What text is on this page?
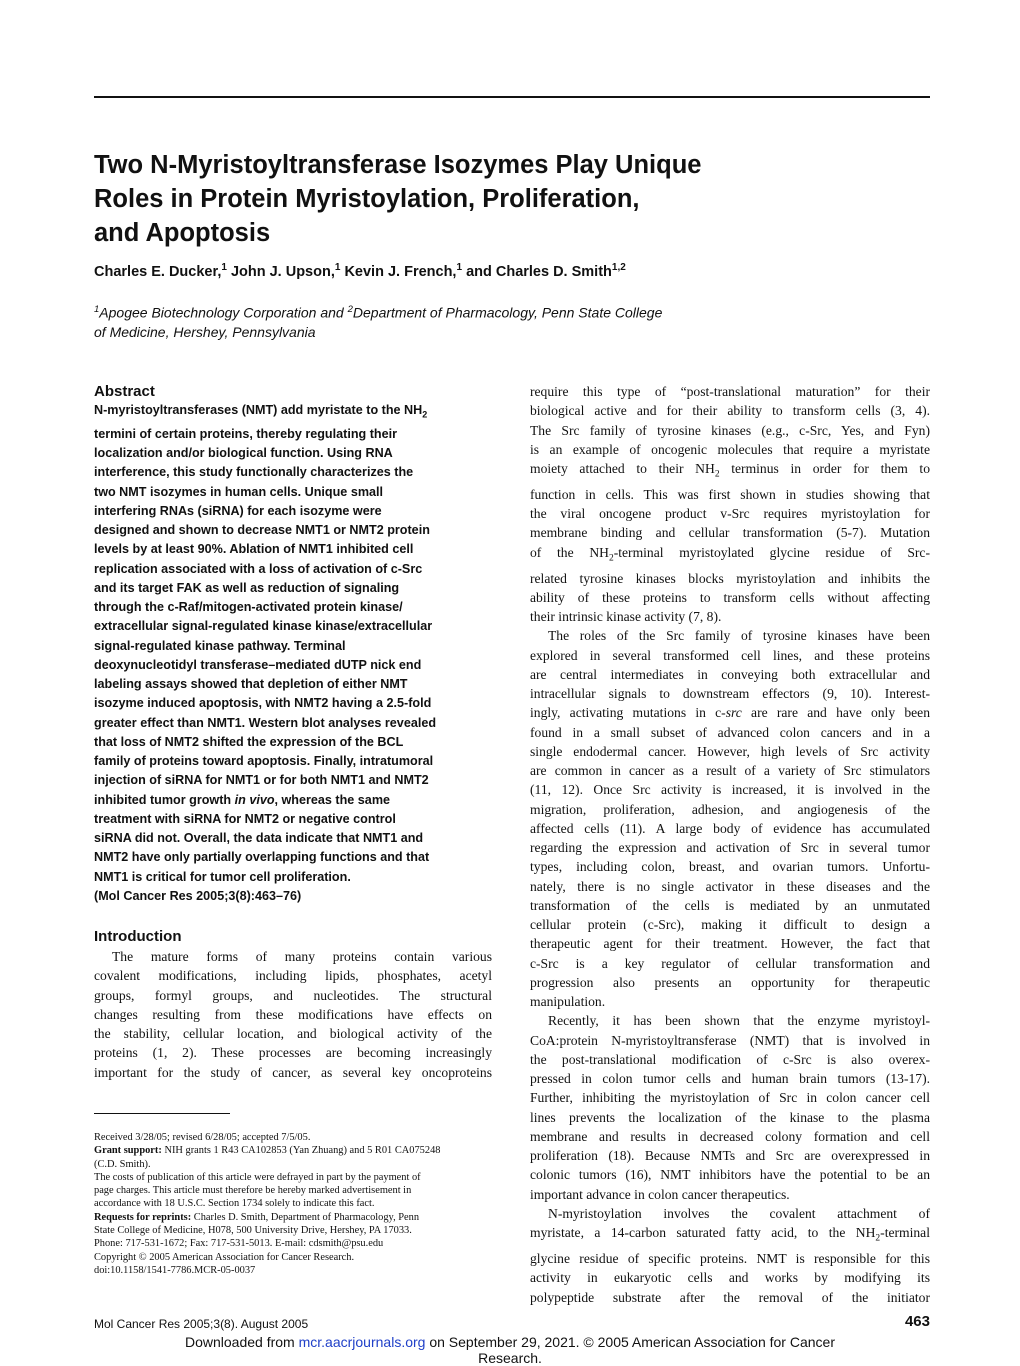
Two N-Myristoyltransferase Isozymes Play Unique
Roles in Protein Myristoylation, Proliferation,
and Apoptosis
Charles E. Ducker,$^1$ John J. Upson,$^1$ Kevin J. French,$^1$ and Charles D. Smith$^{1,2}$
$^1$Apogee Biotechnology Corporation and $^2$Department of Pharmacology, Penn State College
of Medicine, Hershey, Pennsylvania
Abstract
N-myristoyltransferases (NMT) add myristate to the $NH_2$
termini of certain proteins, thereby regulating their
localization and/or biological function. Using RNA
interference, this study functionally characterizes the
two NMT isozymes in human cells. Unique small
interfering RNAs (siRNA) for each isozyme were
designed and shown to decrease NMT1 or NMT2 protein
levels by at least 90%. Ablation of NMT1 inhibited cell
replication associated with a loss of activation of c-Src
and its target FAK as well as reduction of signaling
through the c-Raf/mitogen-activated protein kinase/
extracellular signal-regulated kinase kinase/extracellular
signal-regulated kinase pathway. Terminal
deoxynucleotidyl transferase–mediated dUTP nick end
labeling assays showed that depletion of either NMT
isozyme induced apoptosis, with NMT2 having a 2.5-fold
greater effect than NMT1. Western blot analyses revealed
that loss of NMT2 shifted the expression of the BCL
family of proteins toward apoptosis. Finally, intratumoral
injection of siRNA for NMT1 or for both NMT1 and NMT2
inhibited tumor growth in vivo, whereas the same
treatment with siRNA for NMT2 or negative control
siRNA did not. Overall, the data indicate that NMT1 and
NMT2 have only partially overlapping functions and that
NMT1 is critical for tumor cell proliferation.
(Mol Cancer Res 2005;3(8):463–76)
Introduction
The mature forms of many proteins contain various
covalent modifications, including lipids, phosphates, acetyl
groups, formyl groups, and nucleotides. The structural
changes resulting from these modifications have effects on
the stability, cellular location, and biological activity of the
proteins (1, 2). These processes are becoming increasingly
important for the study of cancer, as several key oncoproteins
Received 3/28/05; revised 6/28/05; accepted 7/5/05.
Grant support: NIH grants 1 R43 CA102853 (Yan Zhuang) and 5 R01 CA075248
(C.D. Smith).
The costs of publication of this article were defrayed in part by the payment of
page charges. This article must therefore be hereby marked advertisement in
accordance with 18 U.S.C. Section 1734 solely to indicate this fact.
Requests for reprints: Charles D. Smith, Department of Pharmacology, Penn
State College of Medicine, H078, 500 University Drive, Hershey, PA 17033.
Phone: 717-531-1672; Fax: 717-531-5013. E-mail: cdsmith@psu.edu
Copyright © 2005 American Association for Cancer Research.
doi:10.1158/1541-7786.MCR-05-0037
require this type of “post-translational maturation” for their
biological active and for their ability to transform cells (3, 4).
The Src family of tyrosine kinases (e.g., c-Src, Yes, and Fyn)
is an example of oncogenic molecules that require a myristate
moiety attached to their $NH_2$ terminus in order for them to
function in cells. This was first shown in studies showing that
the viral oncogene product v-Src requires myristoylation for
membrane binding and cellular transformation (5-7). Mutation
of the $NH_2$-terminal myristoylated glycine residue of Src-
related tyrosine kinases blocks myristoylation and inhibits the
ability of these proteins to transform cells without affecting
their intrinsic kinase activity (7, 8).
The roles of the Src family of tyrosine kinases have been
explored in several transformed cell lines, and these proteins
are central intermediates in conveying both extracellular and
intracellular signals to downstream effectors (9, 10). Interest-
ingly, activating mutations in c-src are rare and have only been
found in a small subset of advanced colon cancers and in a
single endodermal cancer. However, high levels of Src activity
are common in cancer as a result of a variety of Src stimulators
(11, 12). Once Src activity is increased, it is involved in the
migration, proliferation, adhesion, and angiogenesis of the
affected cells (11). A large body of evidence has accumulated
regarding the expression and activation of Src in several tumor
types, including colon, breast, and ovarian tumors. Unfortu-
nately, there is no single activator in these diseases and the
transformation of the cells is mediated by an unmutated
cellular protein (c-Src), making it difficult to design a
therapeutic agent for their treatment. However, the fact that
c-Src is a key regulator of cellular transformation and
progression also presents an opportunity for therapeutic
manipulation.
Recently, it has been shown that the enzyme myristoyl-
CoA:protein N-myristoyltransferase (NMT) that is involved in
the post-translational modification of c-Src is also overex-
pressed in colon tumor cells and human brain tumors (13-17).
Further, inhibiting the myristoylation of Src in colon cancer cell
lines prevents the localization of the kinase to the plasma
membrane and results in decreased colony formation and cell
proliferation (18). Because NMTs and Src are overexpressed in
colonic tumors (16), NMT inhibitors have the potential to be an
important advance in colon cancer therapeutics.
N-myristoylation involves the covalent attachment of
myristate, a 14-carbon saturated fatty acid, to the $NH_2$-terminal
glycine residue of specific proteins. NMT is responsible for this
activity in eukaryotic cells and works by modifying its
polypeptide substrate after the removal of the initiator
Mol Cancer Res 2005;3(8). August 2005	463
Downloaded from mcr.aacrjournals.org on September 29, 2021. © 2005 American Association for Cancer
Research.
